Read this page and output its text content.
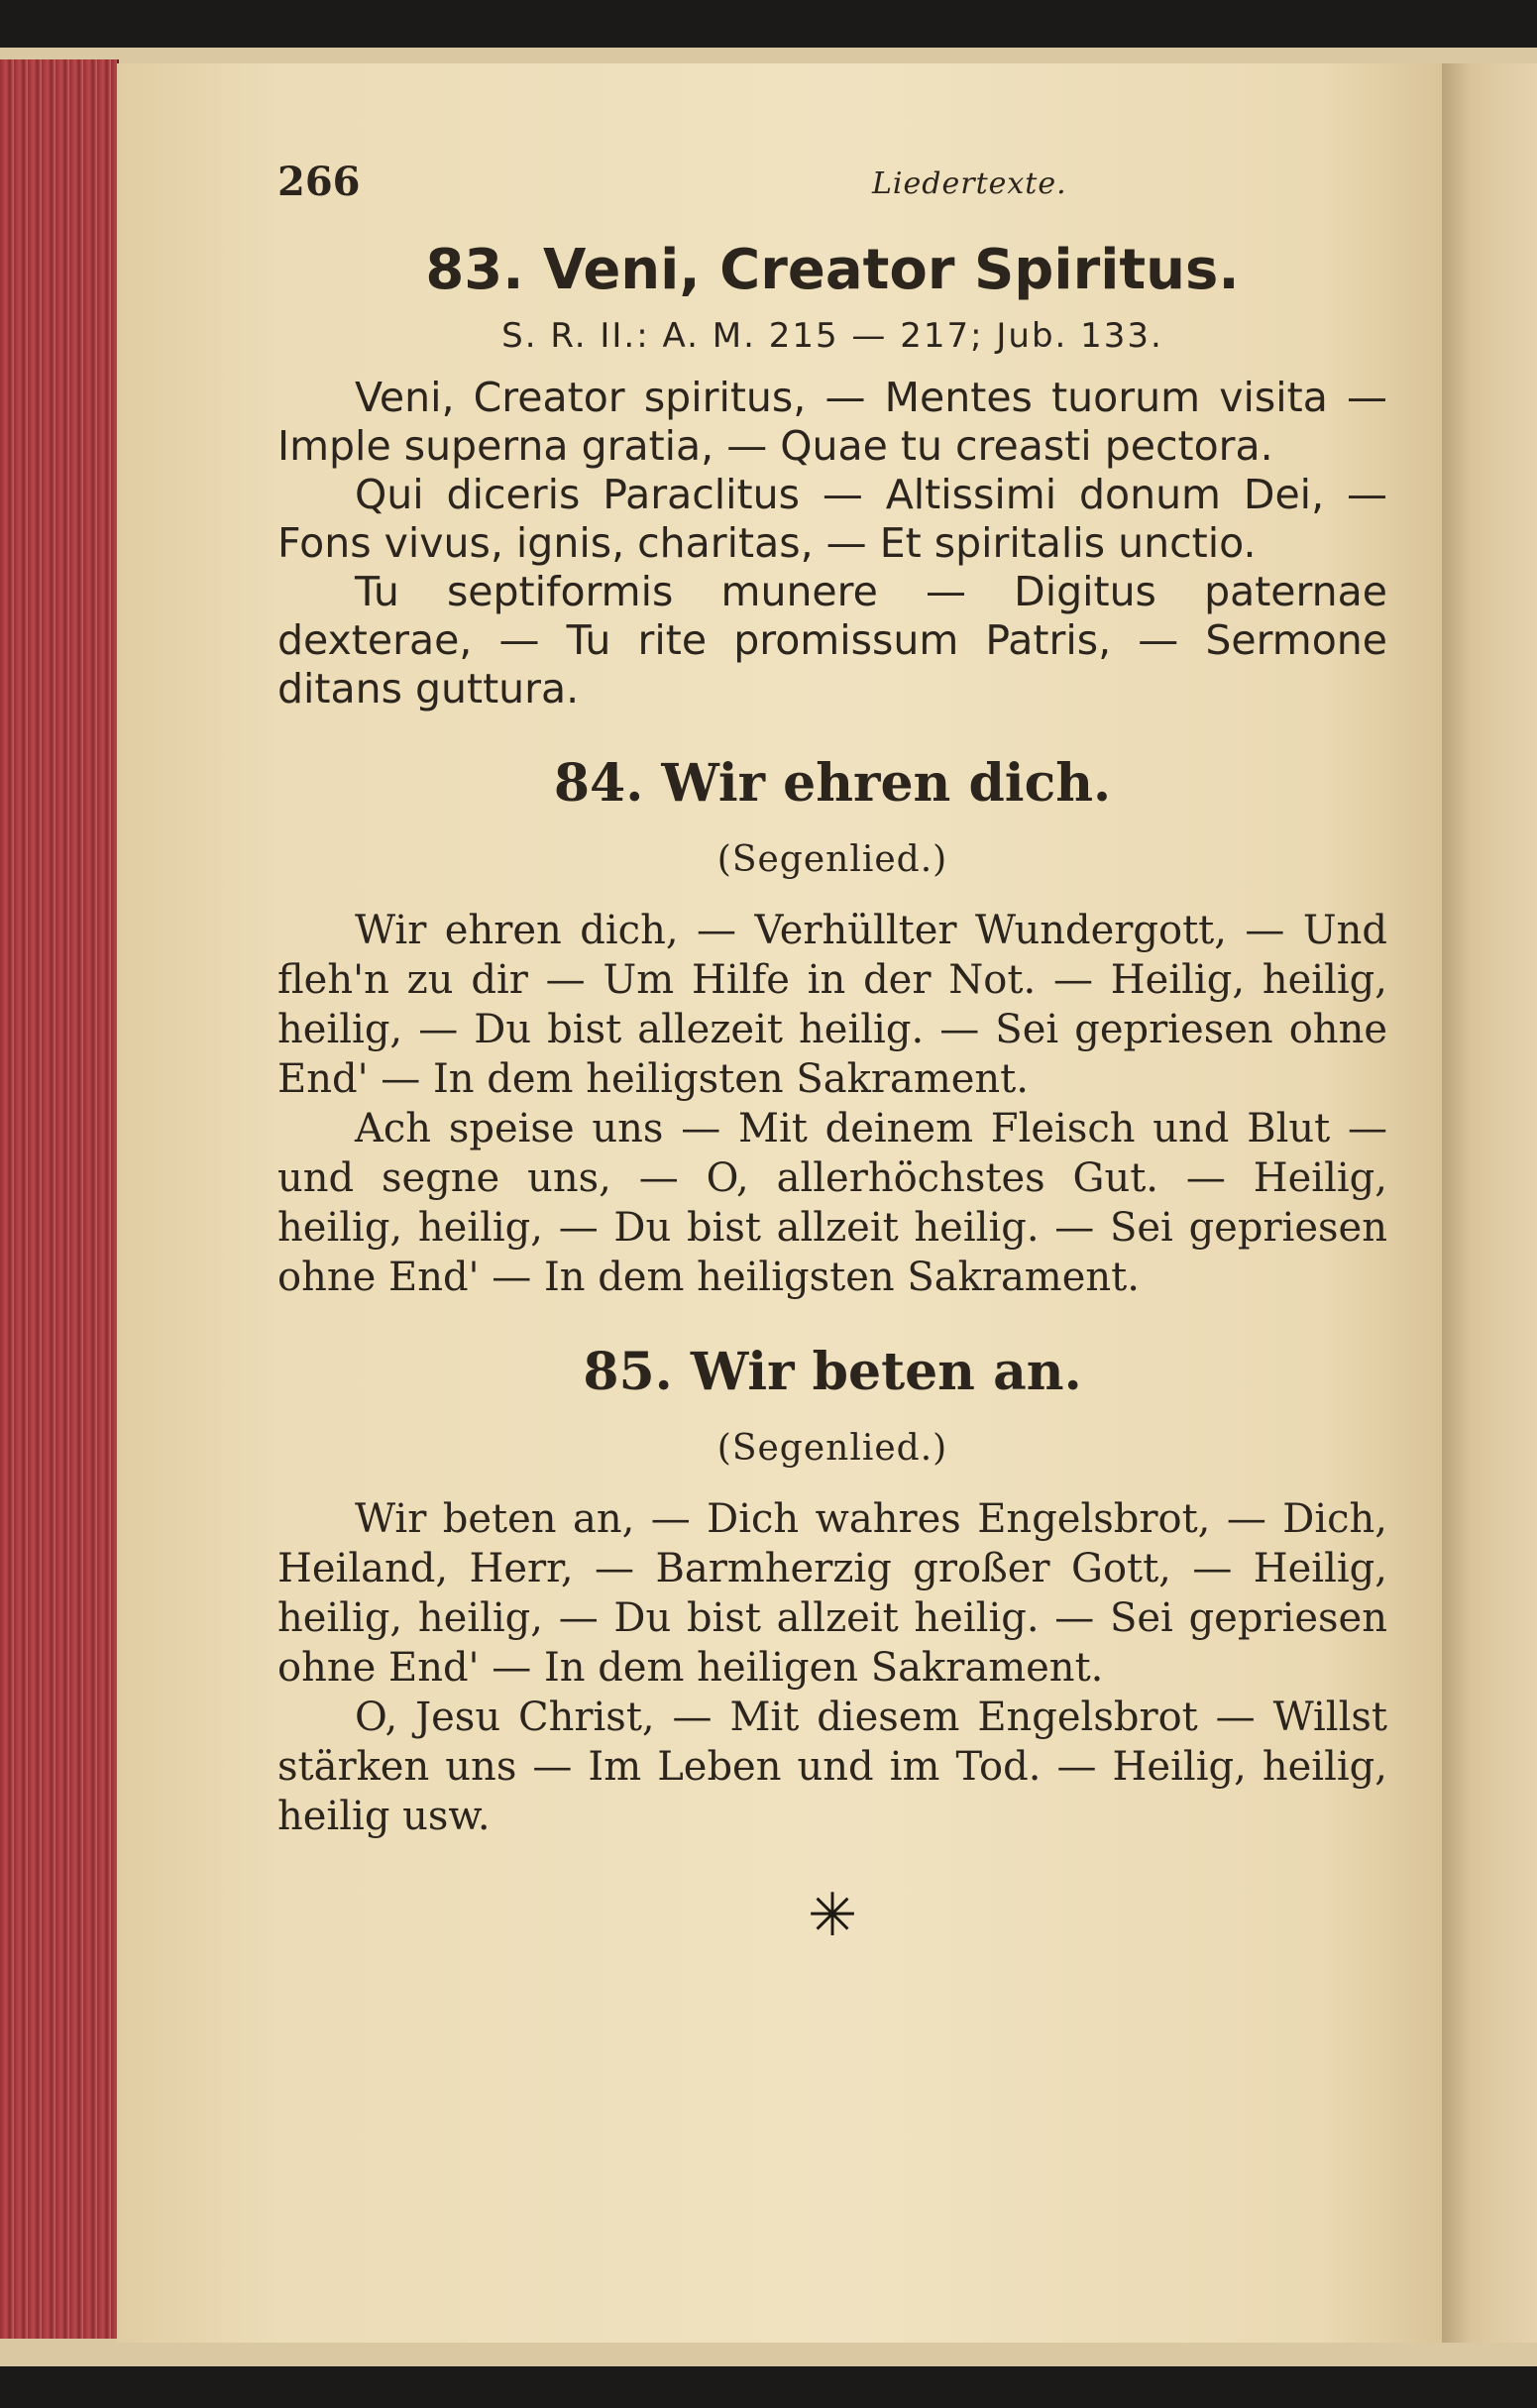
266	Liedertexte.
83. Veni, Creator Spiritus.
S. R. II.: A. M. 215 — 217; Jub. 133.

Veni, Creator spiritus, — Mentes tuorum visita — Imple superna gratia, — Quae tu creasti pectora.

Qui diceris Paraclitus — Altissimi donum Dei, — Fons vivus, ignis, charitas, — Et spiritalis unctio.

Tu septiformis munere — Digitus paternae dexterae, — Tu rite promissum Patris, — Sermone ditans guttura.

84. Wir ehren dich.
(Segenlied.)

Wir ehren dich, — Verhüllter Wundergott, — Und fleh'n zu dir — Um Hilfe in der Not. — Heilig, heilig, heilig, — Du bist allezeit heilig. — Sei gepriesen ohne End' — In dem heiligsten Sakrament.

Ach speise uns — Mit deinem Fleisch und Blut — und segne uns, — O, allerhöchstes Gut. — Heilig, heilig, heilig, — Du bist allzeit heilig. — Sei gepriesen ohne End' — In dem heiligsten Sakrament.

85. Wir beten an.
(Segenlied.)

Wir beten an, — Dich wahres Engelsbrot, — Dich, Heiland, Herr, — Barmherzig großer Gott, — Heilig, heilig, heilig, — Du bist allzeit heilig. — Sei gepriesen ohne End' — In dem heiligen Sakrament.

O, Jesu Christ, — Mit diesem Engelsbrot — Willst stärken uns — Im Leben und im Tod. — Heilig, heilig, heilig usw.

✳
